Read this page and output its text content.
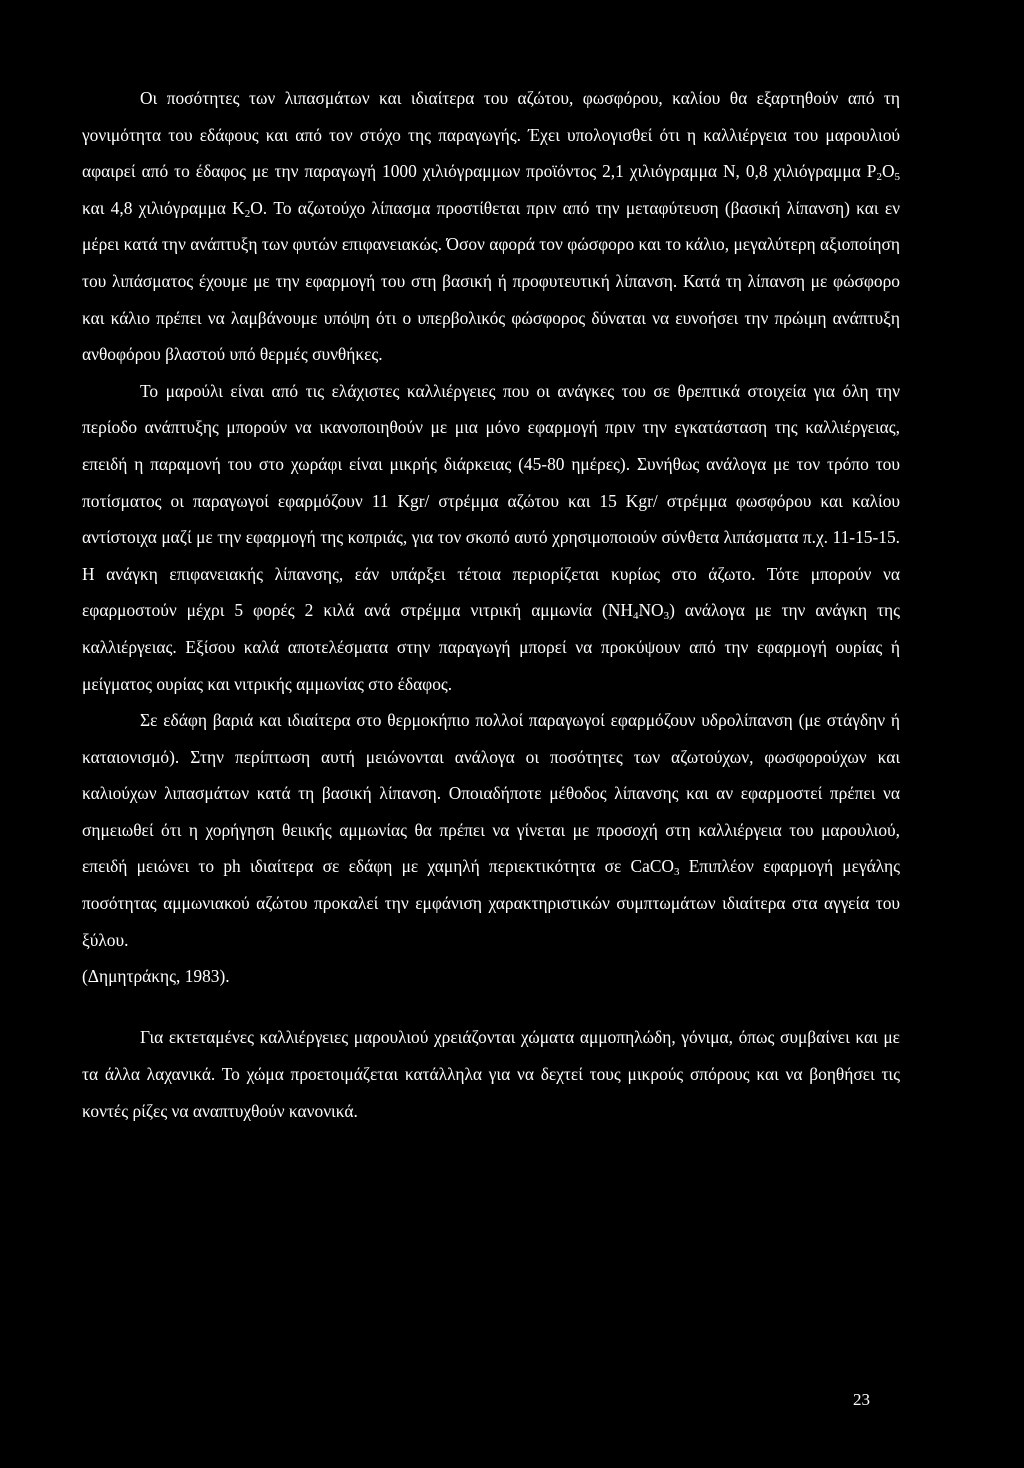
Οι ποσότητες των λιπασμάτων και ιδιαίτερα του αζώτου, φωσφόρου, καλίου θα εξαρτηθούν από τη γονιμότητα του εδάφους και από τον στόχο της παραγωγής. Έχει υπολογισθεί ότι η καλλιέργεια του μαρουλιού αφαιρεί από το έδαφος με την παραγωγή 1000 χιλιόγραμμων προϊόντος 2,1 χιλιόγραμμα N, 0,8 χιλιόγραμμα $P_2O_5$ και 4,8 χιλιόγραμμα $K_2O$. Το αζωτούχο λίπασμα προστίθεται πριν από την μεταφύτευση (βασική λίπανση) και εν μέρει κατά την ανάπτυξη των φυτών επιφανειακώς. Όσον αφορά τον φώσφορο και το κάλιο, μεγαλύτερη αξιοποίηση του λιπάσματος έχουμε με την εφαρμογή του στη βασική ή προφυτευτική λίπανση. Κατά τη λίπανση με φώσφορο και κάλιο πρέπει να λαμβάνουμε υπόψη ότι ο υπερβολικός φώσφορος δύναται να ευνοήσει την πρώιμη ανάπτυξη ανθοφόρου βλαστού υπό θερμές συνθήκες.

Το μαρούλι είναι από τις ελάχιστες καλλιέργειες που οι ανάγκες του σε θρεπτικά στοιχεία για όλη την περίοδο ανάπτυξης μπορούν να ικανοποιηθούν με μια μόνο εφαρμογή πριν την εγκατάσταση της καλλιέργειας, επειδή η παραμονή του στο χωράφι είναι μικρής διάρκειας (45-80 ημέρες). Συνήθως ανάλογα με τον τρόπο του ποτίσματος οι παραγωγοί εφαρμόζουν 11 Kgr/ στρέμμα αζώτου και 15 Kgr/ στρέμμα φωσφόρου και καλίου αντίστοιχα μαζί με την εφαρμογή της κοπριάς, για τον σκοπό αυτό χρησιμοποιούν σύνθετα λιπάσματα π.χ. 11-15-15. Η ανάγκη επιφανειακής λίπανσης, εάν υπάρξει τέτοια περιορίζεται κυρίως στο άζωτο. Τότε μπορούν να εφαρμοστούν μέχρι 5 φορές 2 κιλά ανά στρέμμα νιτρική αμμωνία $(NH_4NO_3)$ ανάλογα με την ανάγκη της καλλιέργειας. Εξίσου καλά αποτελέσματα στην παραγωγή μπορεί να προκύψουν από την εφαρμογή ουρίας ή μείγματος ουρίας και νιτρικής αμμωνίας στο έδαφος.

Σε εδάφη βαριά και ιδιαίτερα στο θερμοκήπιο πολλοί παραγωγοί εφαρμόζουν υδρολίπανση (με στάγδην ή καταιονισμό). Στην περίπτωση αυτή μειώνονται ανάλογα οι ποσότητες των αζωτούχων, φωσφορούχων και καλιούχων λιπασμάτων κατά τη βασική λίπανση. Οποιαδήποτε μέθοδος λίπανσης και αν εφαρμοστεί πρέπει να σημειωθεί ότι η χορήγηση θειικής αμμωνίας θα πρέπει να γίνεται με προσοχή στη καλλιέργεια του μαρουλιού, επειδή μειώνει το ph ιδιαίτερα σε εδάφη με χαμηλή περιεκτικότητα σε CaCO$_3$ Επιπλέον εφαρμογή μεγάλης ποσότητας αμμωνιακού αζώτου προκαλεί την εμφάνιση χαρακτηριστικών συμπτωμάτων ιδιαίτερα στα αγγεία του ξύλου.

(Δημητράκης, 1983).

Για εκτεταμένες καλλιέργειες μαρουλιού χρειάζονται χώματα αμμοπηλώδη, γόνιμα, όπως συμβαίνει και με τα άλλα λαχανικά. Το χώμα προετοιμάζεται κατάλληλα για να δεχτεί τους μικρούς σπόρους και να βοηθήσει τις κοντές ρίζες να αναπτυχθούν κανονικά.

23
